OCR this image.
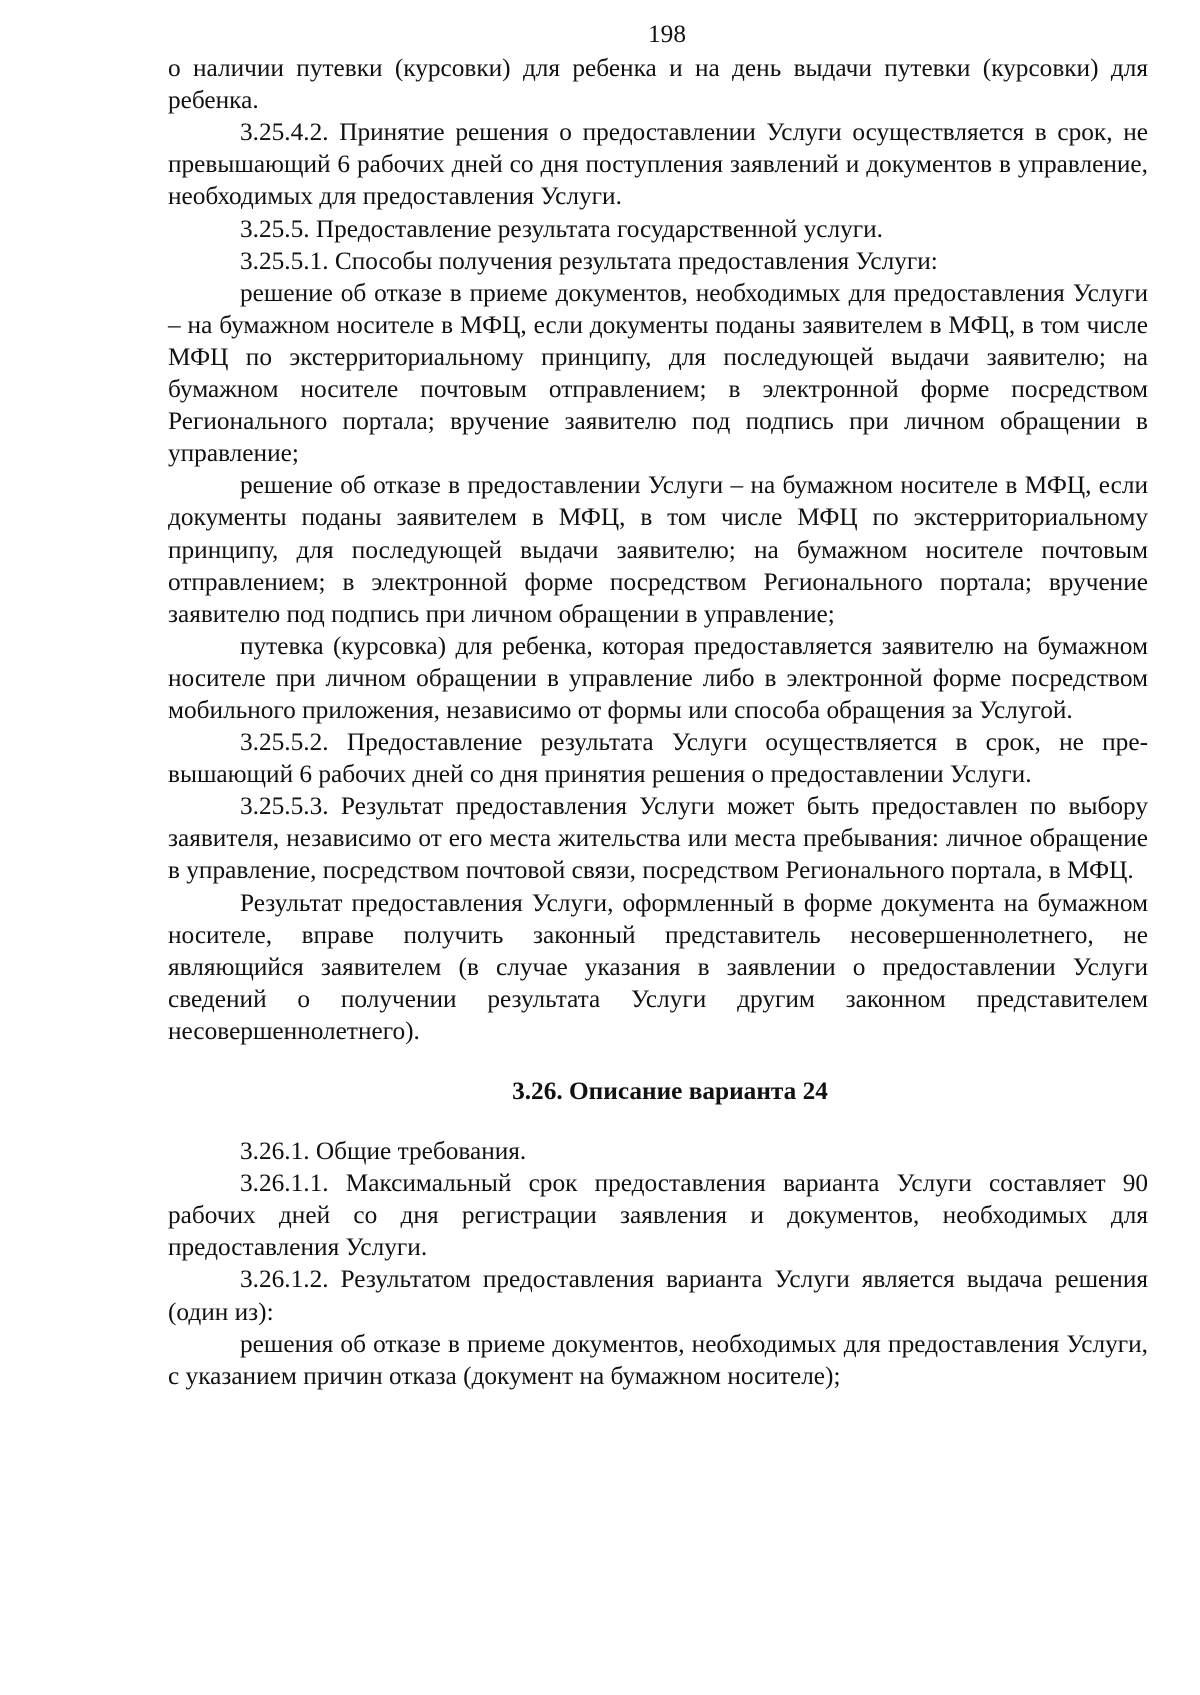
198

о наличии путевки (курсовки) для ребенка и на день выдачи путевки (курсовки) для ребенка.

3.25.4.2. Принятие решения о предоставлении Услуги осуществляется в срок, не превышающий 6 рабочих дней со дня поступления заявлений и документов в управление, необходимых для предоставления Услуги.

3.25.5. Предоставление результата государственной услуги.

3.25.5.1. Способы получения результата предоставления Услуги:

решение об отказе в приеме документов, необходимых для предоставления Услуги – на бумажном носителе в МФЦ, если документы поданы заявителем в МФЦ, в том числе МФЦ по экстерриториальному принципу, для последующей выдачи заявителю; на бумажном носителе почтовым отправлением; в электронной форме посредством Регионального портала; вручение заявителю под подпись при личном обращении в управление;

решение об отказе в предоставлении Услуги – на бумажном носителе в МФЦ, если документы поданы заявителем в МФЦ, в том числе МФЦ по экстерриториальному принципу, для последующей выдачи заявителю; на бумажном носителе почтовым отправлением; в электронной форме посредством Регионального портала; вручение заявителю под подпись при личном обращении в управление;

путевка (курсовка) для ребенка, которая предоставляется заявителю на бумажном носителе при личном обращении в управление либо в электронной форме посредством мобильного приложения, независимо от формы или способа обращения за Услугой.

3.25.5.2. Предоставление результата Услуги осуществляется в срок, не превышающий 6 рабочих дней со дня принятия решения о предоставлении Услуги.

3.25.5.3. Результат предоставления Услуги может быть предоставлен по выбору заявителя, независимо от его места жительства или места пребывания: личное обращение в управление, посредством почтовой связи, посредством Регионального портала, в МФЦ.

Результат предоставления Услуги, оформленный в форме документа на бумажном носителе, вправе получить законный представитель несовершеннолетнего, не являющийся заявителем (в случае указания в заявлении о предоставлении Услуги сведений о получении результата Услуги другим законном представителем несовершеннолетнего).

3.26. Описание варианта 24

3.26.1. Общие требования.

3.26.1.1. Максимальный срок предоставления варианта Услуги составляет 90 рабочих дней со дня регистрации заявления и документов, необходимых для предоставления Услуги.

3.26.1.2. Результатом предоставления варианта Услуги является выдача решения (один из):

решения об отказе в приеме документов, необходимых для предоставления Услуги, с указанием причин отказа (документ на бумажном носителе);
